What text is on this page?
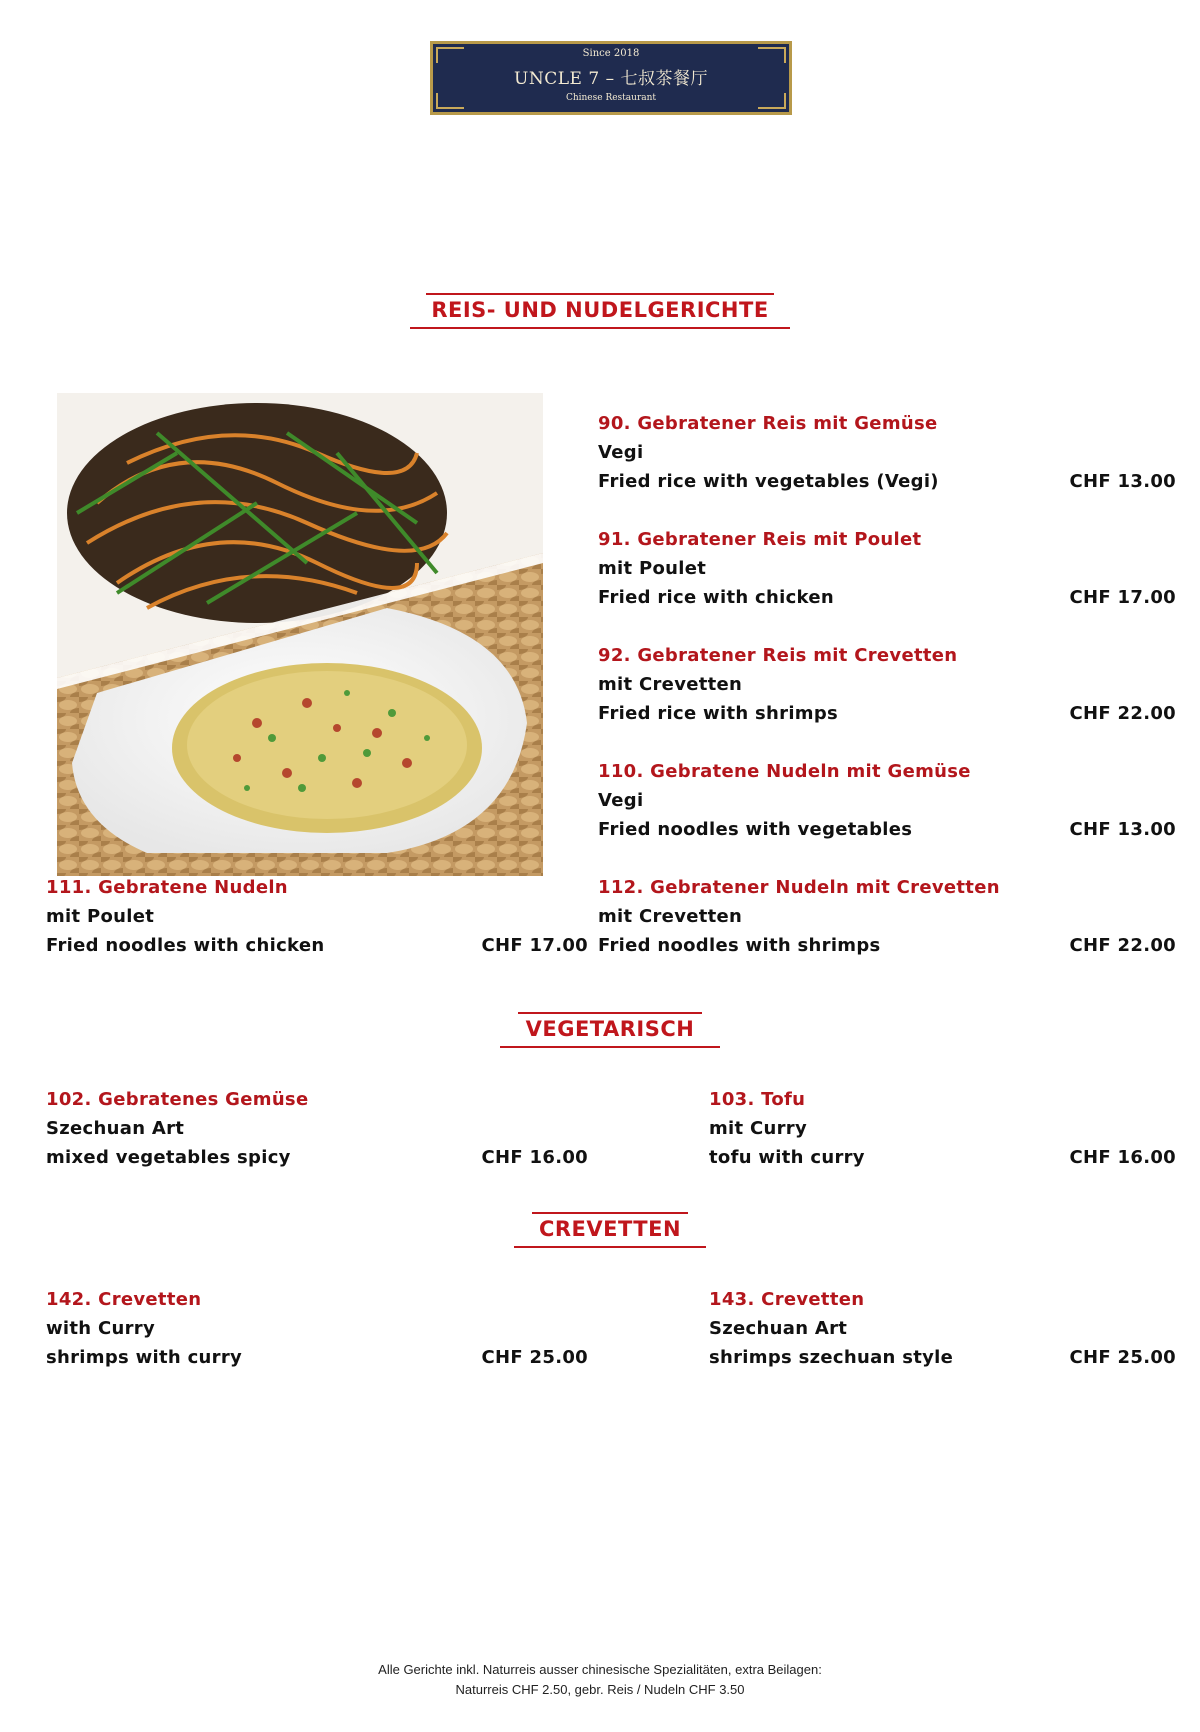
Since 2018
UNCLE 7 – 七叔茶餐厅
Chinese Restaurant
REIS- UND NUDELGERICHTE
90. Gebratener Reis mit Gemüse
Vegi
Fried rice with vegetables (Vegi)	CHF 13.00
91. Gebratener Reis mit Poulet
mit Poulet
Fried rice with chicken	CHF 17.00
92. Gebratener Reis mit Crevetten
mit Crevetten
Fried rice with shrimps	CHF 22.00
110. Gebratene Nudeln mit Gemüse
Vegi
Fried noodles with vegetables	CHF 13.00
111. Gebratene Nudeln
mit Poulet
Fried noodles with chicken	CHF 17.00
112. Gebratener Nudeln mit Crevetten
mit Crevetten
Fried noodles with shrimps	CHF 22.00
VEGETARISCH
102. Gebratenes Gemüse
Szechuan Art
mixed vegetables spicy	CHF 16.00
103. Tofu
mit Curry
tofu with curry	CHF 16.00
CREVETTEN
142. Crevetten
with Curry
shrimps with curry	CHF 25.00
143. Crevetten
Szechuan Art
shrimps szechuan style	CHF 25.00
Alle Gerichte inkl. Naturreis ausser chinesische Spezialitäten, extra Beilagen:
Naturreis CHF 2.50, gebr. Reis / Nudeln CHF 3.50
